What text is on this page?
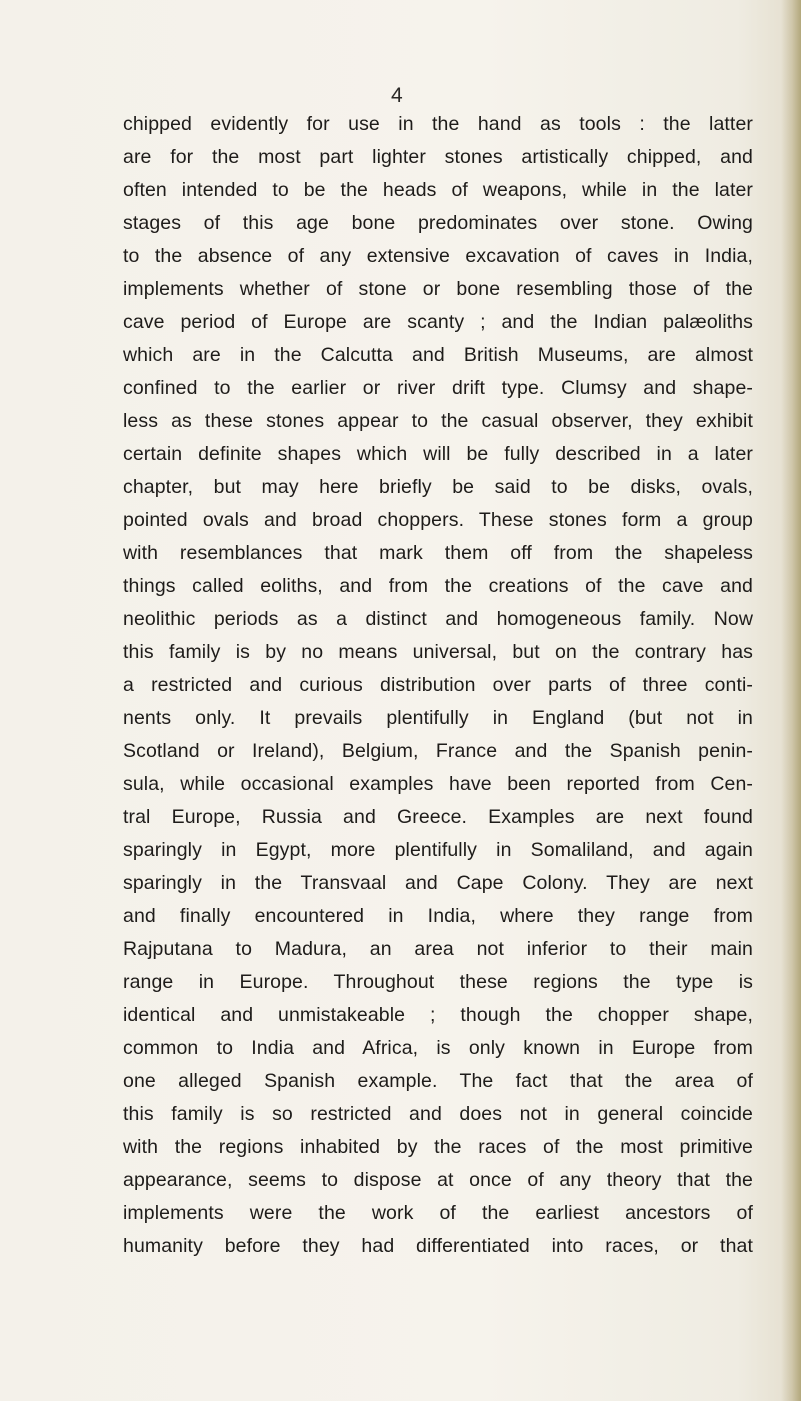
4
chipped evidently for use in the hand as tools : the latter
are for the most part lighter stones artistically chipped, and
often intended to be the heads of weapons, while in the later
stages of this age bone predominates over stone. Owing
to the absence of any extensive excavation of caves in India,
implements whether of stone or bone resembling those of the
cave period of Europe are scanty ; and the Indian palæoliths
which are in the Calcutta and British Museums, are almost
confined to the earlier or river drift type. Clumsy and shape-
less as these stones appear to the casual observer, they exhibit
certain definite shapes which will be fully described in a later
chapter, but may here briefly be said to be disks, ovals,
pointed ovals and broad choppers. These stones form a group
with resemblances that mark them off from the shapeless
things called eoliths, and from the creations of the cave and
neolithic periods as a distinct and homogeneous family. Now
this family is by no means universal, but on the contrary has
a restricted and curious distribution over parts of three conti-
nents only. It prevails plentifully in England (but not in
Scotland or Ireland), Belgium, France and the Spanish penin-
sula, while occasional examples have been reported from Cen-
tral Europe, Russia and Greece. Examples are next found
sparingly in Egypt, more plentifully in Somaliland, and again
sparingly in the Transvaal and Cape Colony. They are next
and finally encountered in India, where they range from
Rajputana to Madura, an area not inferior to their main
range in Europe. Throughout these regions the type is
identical and unmistakeable ; though the chopper shape,
common to India and Africa, is only known in Europe from
one alleged Spanish example. The fact that the area of
this family is so restricted and does not in general coincide
with the regions inhabited by the races of the most primitive
appearance, seems to dispose at once of any theory that the
implements were the work of the earliest ancestors of
humanity before they had differentiated into races, or that
